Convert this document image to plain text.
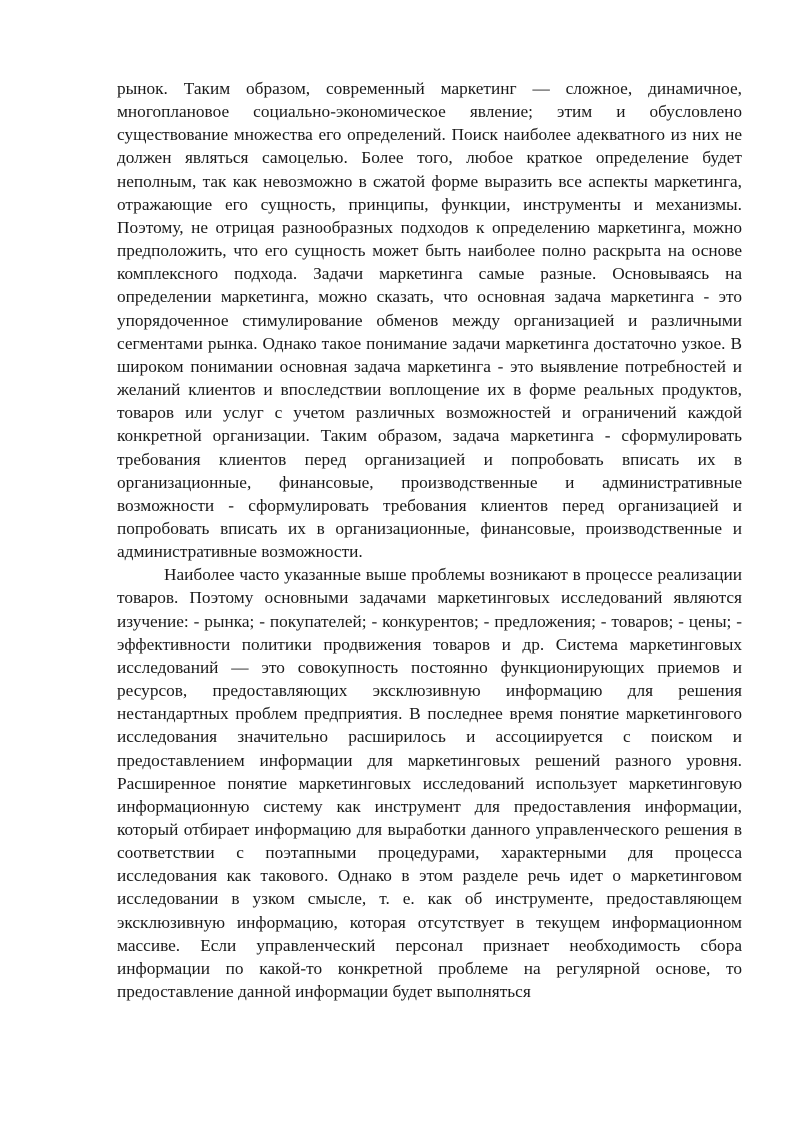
рынок. Таким образом, современный маркетинг — сложное, динамичное, многоплановое социально-экономическое явление; этим и обусловлено существование множества его определений. Поиск наиболее адекватного из них не должен являться самоцелью. Более того, любое краткое определение будет неполным, так как невозможно в сжатой форме выразить все аспекты маркетинга, отражающие его сущность, принципы, функции, инструменты и механизмы. Поэтому, не отрицая разнообразных подходов к определению маркетинга, можно предположить, что его сущность может быть наиболее полно раскрыта на основе комплексного подхода. Задачи маркетинга самые разные. Основываясь на определении маркетинга, можно сказать, что основная задача маркетинга - это упорядоченное стимулирование обменов между организацией и различными сегментами рынка. Однако такое понимание задачи маркетинга достаточно узкое. В широком понимании основная задача маркетинга - это выявление потребностей и желаний клиентов и впоследствии воплощение их в форме реальных продуктов, товаров или услуг с учетом различных возможностей и ограничений каждой конкретной организации. Таким образом, задача маркетинга - сформулировать требования клиентов перед организацией и попробовать вписать их в организационные, финансовые, производственные и административные возможности - сформулировать требования клиентов перед организацией и попробовать вписать их в организационные, финансовые, производственные и административные возможности.

Наиболее часто указанные выше проблемы возникают в процессе реализации товаров. Поэтому основными задачами маркетинговых исследований являются изучение: - рынка; - покупателей; - конкурентов; - предложения; - товаров; - цены; - эффективности политики продвижения товаров и др. Система маркетинговых исследований — это совокупность постоянно функционирующих приемов и ресурсов, предоставляющих эксклюзивную информацию для решения нестандартных проблем предприятия. В последнее время понятие маркетингового исследования значительно расширилось и ассоциируется с поиском и предоставлением информации для маркетинговых решений разного уровня. Расширенное понятие маркетинговых исследований использует маркетинговую информационную систему как инструмент для предоставления информации, который отбирает информацию для выработки данного управленческого решения в соответствии с поэтапными процедурами, характерными для процесса исследования как такового. Однако в этом разделе речь идет о маркетинговом исследовании в узком смысле, т. е. как об инструменте, предоставляющем эксклюзивную информацию, которая отсутствует в текущем информационном массиве. Если управленческий персонал признает необходимость сбора информации по какой-то конкретной проблеме на регулярной основе, то предоставление данной информации будет выполняться
